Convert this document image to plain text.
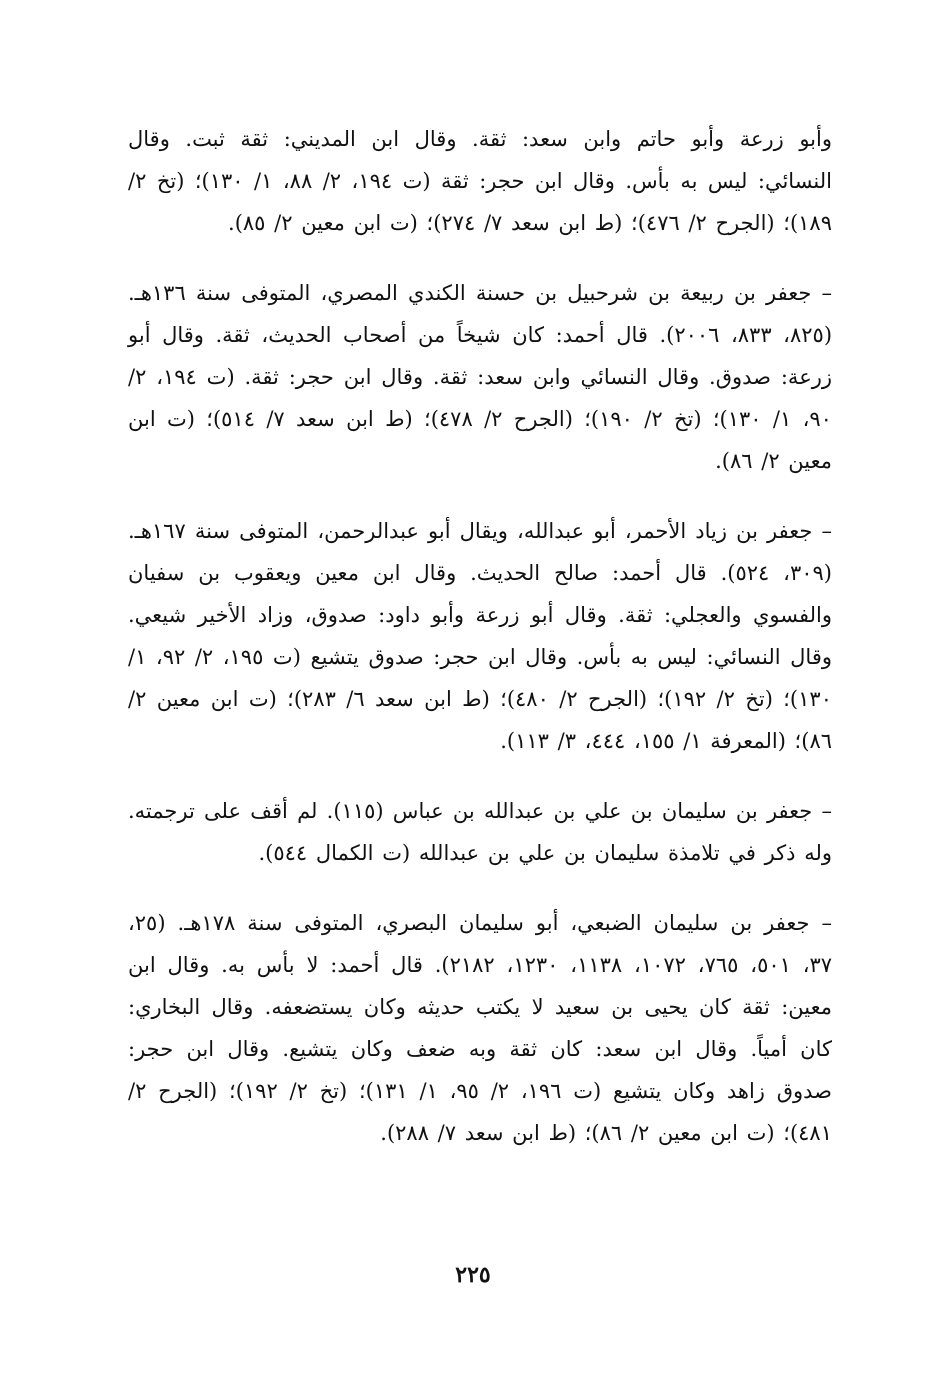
وأبو زرعة وأبو حاتم وابن سعد: ثقة. وقال ابن المديني: ثقة ثبت. وقال النسائي: ليس به بأس. وقال ابن حجر: ثقة (ت ١٩٤، ٢/ ٨٨، ١/ ١٣٠)؛ (تخ ٢/ ١٨٩)؛ (الجرح ٢/ ٤٧٦)؛ (ط ابن سعد ٧/ ٢٧٤)؛ (ت ابن معين ٢/ ٨٥).

– جعفر بن ربيعة بن شرحبيل بن حسنة الكندي المصري، المتوفى سنة ١٣٦هـ. (٨٢٥، ٨٣٣، ٢٠٠٦). قال أحمد: كان شيخاً من أصحاب الحديث، ثقة. وقال أبو زرعة: صدوق. وقال النسائي وابن سعد: ثقة. وقال ابن حجر: ثقة. (ت ١٩٤، ٢/ ٩٠، ١/ ١٣٠)؛ (تخ ٢/ ١٩٠)؛ (الجرح ٢/ ٤٧٨)؛ (ط ابن سعد ٧/ ٥١٤)؛ (ت ابن معين ٢/ ٨٦).

– جعفر بن زياد الأحمر، أبو عبدالله، ويقال أبو عبدالرحمن، المتوفى سنة ١٦٧هـ. (٣٠٩، ٥٢٤). قال أحمد: صالح الحديث. وقال ابن معين ويعقوب بن سفيان والفسوي والعجلي: ثقة. وقال أبو زرعة وأبو داود: صدوق، وزاد الأخير شيعي. وقال النسائي: ليس به بأس. وقال ابن حجر: صدوق يتشيع (ت ١٩٥، ٢/ ٩٢، ١/ ١٣٠)؛ (تخ ٢/ ١٩٢)؛ (الجرح ٢/ ٤٨٠)؛ (ط ابن سعد ٦/ ٢٨٣)؛ (ت ابن معين ٢/ ٨٦)؛ (المعرفة ١/ ١٥٥، ٤٤٤، ٣/ ١١٣).

– جعفر بن سليمان بن علي بن عبدالله بن عباس (١١٥). لم أقف على ترجمته. وله ذكر في تلامذة سليمان بن علي بن عبدالله (ت الكمال ٥٤٤).

– جعفر بن سليمان الضبعي، أبو سليمان البصري، المتوفى سنة ١٧٨هـ. (٢٥، ٣٧، ٥٠١، ٧٦٥، ١٠٧٢، ١١٣٨، ١٢٣٠، ٢١٨٢). قال أحمد: لا بأس به. وقال ابن معين: ثقة كان يحيى بن سعيد لا يكتب حديثه وكان يستضعفه. وقال البخاري: كان أمياً. وقال ابن سعد: كان ثقة وبه ضعف وكان يتشيع. وقال ابن حجر: صدوق زاهد وكان يتشيع (ت ١٩٦، ٢/ ٩٥، ١/ ١٣١)؛ (تخ ٢/ ١٩٢)؛ (الجرح ٢/ ٤٨١)؛ (ت ابن معين ٢/ ٨٦)؛ (ط ابن سعد ٧/ ٢٨٨).

٢٢٥
